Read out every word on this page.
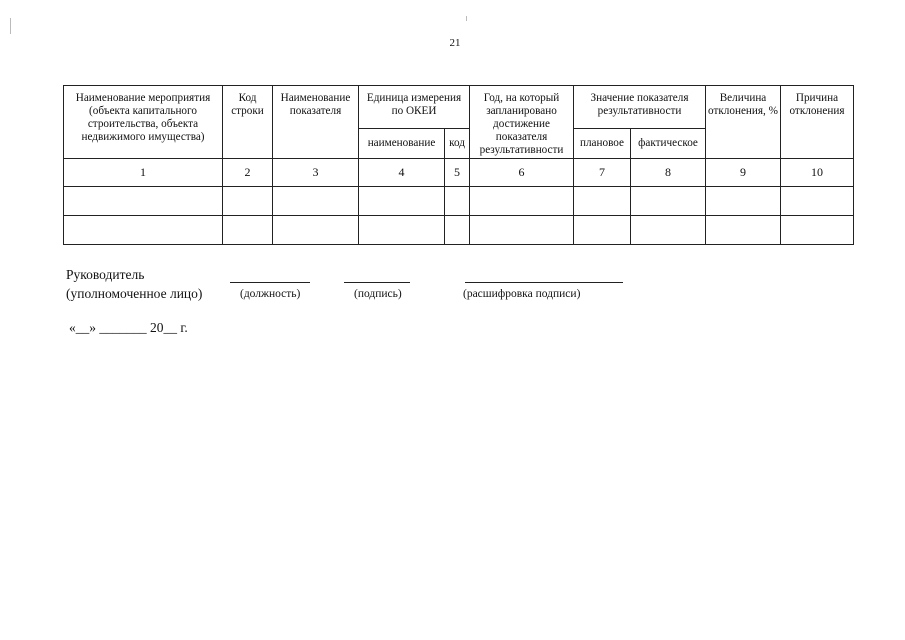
21
Наименование мероприятия (объекта капитального строительства, объекта недвижимого имущества)	Код строки	Наименование показателя	Единица измерения по ОКЕИ		Год, на который запланировано достижение показателя результативности	Значение показателя результативности		Величина отклонения, %	Причина отклонения
			наименование	код		плановое	фактическое		
1	2	3	4	5	6	7	8	9	10

Руководитель
(уполномоченное лицо)	(должность)	(подпись)	(расшифровка подписи)
«__» _______ 20__ г.
